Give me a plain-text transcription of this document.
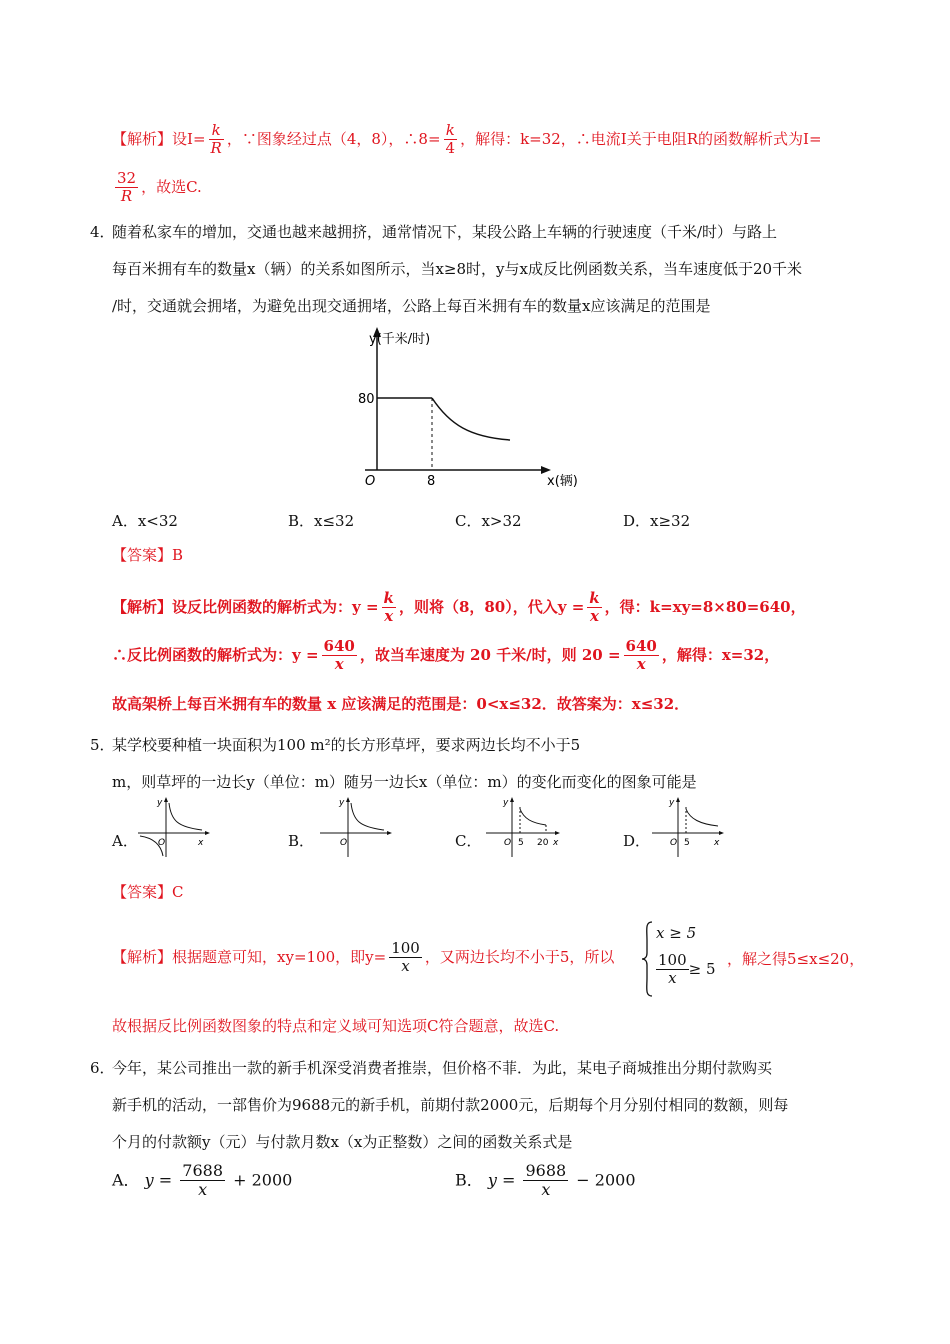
【解析】设$I= \frac{k}{R}$ ，∵图象经过点（4，8），∴8= $\frac{k}{4}$ ，解得：k=32，∴电流I关于电阻R的函数解析式为I=
$\frac{32}{R}$ ，故选C.
4．
随着私家车的增加，交通也越来越拥挤，通常情况下，某段公路上车辆的行驶速度（千米/时）与路上
每百米拥有车的数量x（辆）的关系如图所示，当x≥8时，y与x成反比例函数关系，当车速度低于20千米
/时，交通就会拥堵，为避免出现交通拥堵，公路上每百米拥有车的数量x应该满足的范围是
y(千米/时)
80
O	8	x(辆)
A．x<32	B．x≤32	C．x>32	D．x≥32
【答案】B
【解析】设反比例函数的解析式为：$y = \frac{k}{x}$ ，则将（8，80），代入$y = \frac{k}{x}$ ，得：k=xy=8×80=640，
∴反比例函数的解析式为：$y = \frac{640}{x}$ ，故当车速度为 20 千米/时，则 $20 = \frac{640}{x}$ ，解得：x=32，
故高架桥上每百米拥有车的数量 x 应该满足的范围是：0<x≤32．故答案为：x≤32．
5．
某学校要种植一块面积为100 m²的长方形草坪，要求两边长均不小于5
m，则草坪的一边长y（单位：m）随另一边长x（单位：m）的变化而变化的图象可能是
A．	B．	C．	D．
y
O	x
y
O
y
O 5 20 x
y
O 5	x
【答案】C
【解析】根据题意可知，xy=100，即$y= \frac{100}{x}$ ，又两边长均不小于5，所以
x ≥ 5
$\frac{100}{x} \ge 5$
，解之得5≤x≤20，
故根据反比例函数图象的特点和定义域可知选项C符合题意，故选C.
6．
今年，某公司推出一款的新手机深受消费者推崇，但价格不菲．为此，某电子商城推出分期付款购买
新手机的活动，一部售价为9688元的新手机，前期付款2000元，后期每个月分别付相同的数额，则每
个月的付款额y（元）与付款月数x（x为正整数）之间的函数关系式是
A． $y = \frac{7688}{x} + 2000$	B． $y = \frac{9688}{x} - 2000$
